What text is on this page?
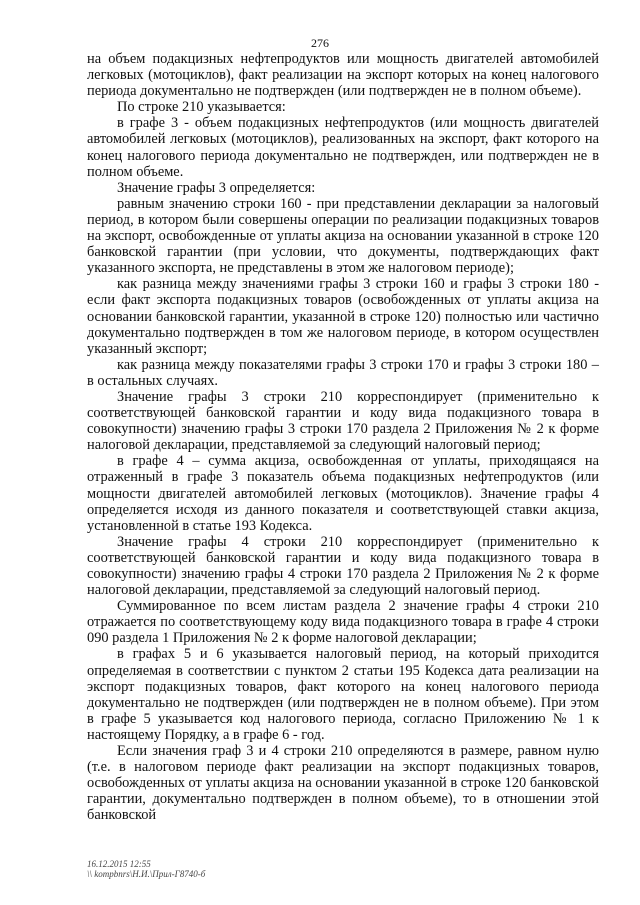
276

на объем подакцизных нефтепродуктов или мощность двигателей автомобилей легковых (мотоциклов), факт реализации на экспорт которых на конец налогового периода документально не подтвержден (или подтвержден не в полном объеме).

По строке 210 указывается:

в графе 3 - объем подакцизных нефтепродуктов (или мощность двигателей автомобилей легковых (мотоциклов), реализованных на экспорт, факт которого на конец налогового периода документально не подтвержден, или подтвержден не в полном объеме.

Значение графы 3 определяется:

равным значению строки 160 - при представлении декларации за налоговый период, в котором были совершены операции по реализации подакцизных товаров на экспорт, освобожденные от уплаты акциза на основании указанной в строке 120 банковской гарантии (при условии, что документы, подтверждающих факт указанного экспорта, не представлены в этом же налоговом периоде);

как разница между значениями графы 3 строки 160 и графы 3 строки 180 - если факт экспорта подакцизных товаров (освобожденных от уплаты акциза на основании банковской гарантии, указанной в строке 120) полностью или частично документально подтвержден в том же налоговом периоде, в котором осуществлен указанный экспорт;

как разница между показателями графы 3 строки 170 и графы 3 строки 180 – в остальных случаях.

Значение графы 3 строки 210 корреспондирует (применительно к соответствующей банковской гарантии и коду вида подакцизного товара в совокупности) значению графы 3 строки 170 раздела 2 Приложения № 2 к форме налоговой декларации, представляемой за следующий налоговый период;

в графе 4 – сумма акциза, освобожденная от уплаты, приходящаяся на отраженный в графе 3 показатель объема подакцизных нефтепродуктов (или мощности двигателей автомобилей легковых (мотоциклов). Значение графы 4 определяется исходя из данного показателя и соответствующей ставки акциза, установленной в статье 193 Кодекса.

Значение графы 4 строки 210 корреспондирует (применительно к соответствующей банковской гарантии и коду вида подакцизного товара в совокупности) значению графы 4 строки 170 раздела 2 Приложения № 2 к форме налоговой декларации, представляемой за следующий налоговый период.

Суммированное по всем листам раздела 2 значение графы 4 строки 210 отражается по соответствующему коду вида подакцизного товара в графе 4 строки 090 раздела 1 Приложения № 2 к форме налоговой декларации;

в графах 5 и 6 указывается налоговый период, на который приходится определяемая в соответствии с пунктом 2 статьи 195 Кодекса дата реализации на экспорт подакцизных товаров, факт которого на конец налогового периода документально не подтвержден (или подтвержден не в полном объеме). При этом в графе 5 указывается код налогового периода, согласно Приложению № 1 к настоящему Порядку, а в графе 6 - год.

Если значения граф 3 и 4 строки 210 определяются в размере, равном нулю (т.е. в налоговом периоде факт реализации на экспорт подакцизных товаров, освобожденных от уплаты акциза на основании указанной в строке 120 банковской гарантии, документально подтвержден в полном объеме), то в отношении этой банковской

16.12.2015 12:55
\\ kompbnrs\Н.И.\Прил-Г8740-б
